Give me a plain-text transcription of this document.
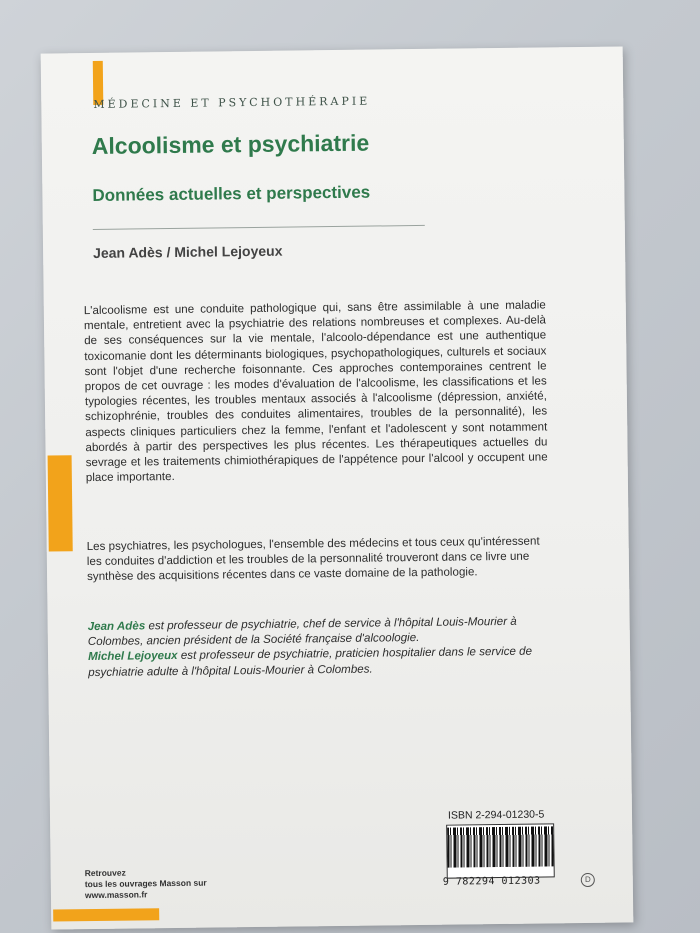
MÉDECINE ET PSYCHOTHÉRAPIE
Alcoolisme et psychiatrie
Données actuelles et perspectives
Jean Adès / Michel Lejoyeux

L'alcoolisme est une conduite pathologique qui, sans être assimilable à une maladie mentale, entretient avec la psychiatrie des relations nombreuses et complexes. Au-delà de ses conséquences sur la vie mentale, l'alcoolo-dépendance est une authentique toxicomanie dont les déterminants biologiques, psychopathologiques, culturels et sociaux sont l'objet d'une recherche foisonnante. Ces approches contemporaines centrent le propos de cet ouvrage : les modes d'évaluation de l'alcoolisme, les classifications et les typologies récentes, les troubles mentaux associés à l'alcoolisme (dépression, anxiété, schizophrénie, troubles des conduites alimentaires, troubles de la personnalité), les aspects cliniques particuliers chez la femme, l'enfant et l'adolescent y sont notamment abordés à partir des perspectives les plus récentes. Les thérapeutiques actuelles du sevrage et les traitements chimiothérapiques de l'appétence pour l'alcool y occupent une place importante.

Les psychiatres, les psychologues, l'ensemble des médecins et tous ceux qu'intéressent les conduites d'addiction et les troubles de la personnalité trouveront dans ce livre une synthèse des acquisitions récentes dans ce vaste domaine de la pathologie.

Jean Adès est professeur de psychiatrie, chef de service à l'hôpital Louis-Mourier à Colombes, ancien président de la Société française d'alcoologie.
Michel Lejoyeux est professeur de psychiatrie, praticien hospitalier dans le service de psychiatrie adulte à l'hôpital Louis-Mourier à Colombes.

ISBN 2-294-01230-5
9 782294 012303	D
Retrouvez
tous les ouvrages Masson sur
www.masson.fr
